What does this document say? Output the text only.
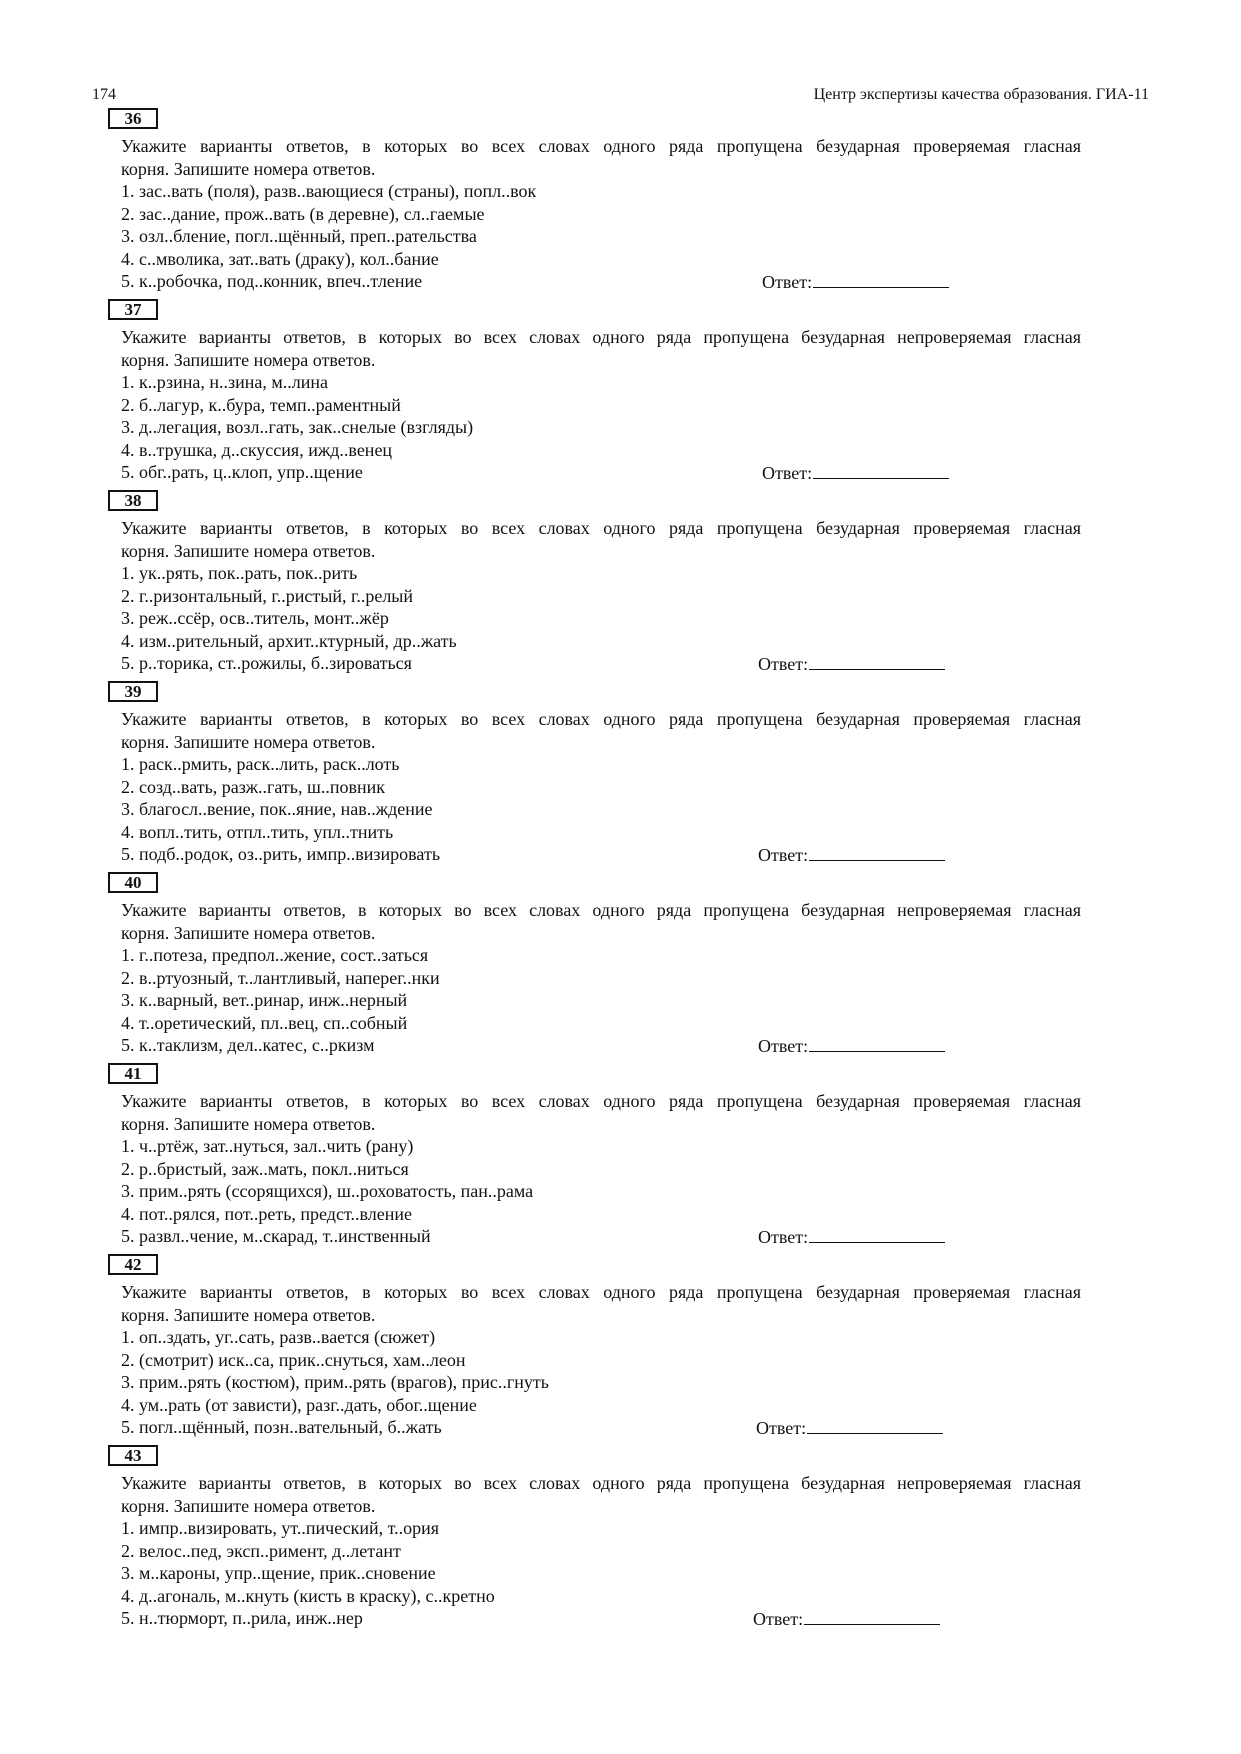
174	Центр экспертизы качества образования. ГИА-11
36
Укажите варианты ответов, в которых во всех словах одного ряда пропущена безударная проверяемая гласная
корня. Запишите номера ответов.
1. зас..вать (поля), разв..вающиеся (страны), попл..вок
2. зас..дание, прож..вать (в деревне), сл..гаемые
3. озл..бление, погл..щённый, преп..рательства
4. с..мволика, зат..вать (драку), кол..бание
5. к..робочка, под..конник, впеч..тление	Ответ:
37
Укажите варианты ответов, в которых во всех словах одного ряда пропущена безударная непроверяемая гласная
корня. Запишите номера ответов.
1. к..рзина, н..зина, м..лина
2. б..лагур, к..бура, темп..раментный
3. д..легация, возл..гать, зак..снелые (взгляды)
4. в..трушка, д..скуссия, ижд..венец
5. обг..рать, ц..клоп, упр..щение	Ответ:
38
Укажите варианты ответов, в которых во всех словах одного ряда пропущена безударная проверяемая гласная
корня. Запишите номера ответов.
1. ук..рять, пок..рать, пок..рить
2. г..ризонтальный, г..ристый, г..релый
3. реж..ссёр, осв..титель, монт..жёр
4. изм..рительный, архит..ктурный, др..жать
5. р..торика, ст..рожилы, б..зироваться	Ответ:
39
Укажите варианты ответов, в которых во всех словах одного ряда пропущена безударная проверяемая гласная
корня. Запишите номера ответов.
1. раск..рмить, раск..лить, раск..лоть
2. созд..вать, разж..гать, ш..повник
3. благосл..вение, пок..яние, нав..ждение
4. вопл..тить, отпл..тить, упл..тнить
5. подб..родок, оз..рить, импр..визировать	Ответ:
40
Укажите варианты ответов, в которых во всех словах одного ряда пропущена безударная непроверяемая гласная
корня. Запишите номера ответов.
1. г..потеза, предпол..жение, сост..заться
2. в..ртуозный, т..лантливый, наперег..нки
3. к..варный, вет..ринар, инж..нерный
4. т..оретический, пл..вец, сп..собный
5. к..таклизм, дел..катес, с..ркизм	Ответ:
41
Укажите варианты ответов, в которых во всех словах одного ряда пропущена безударная проверяемая гласная
корня. Запишите номера ответов.
1. ч..ртёж, зат..нуться, зал..чить (рану)
2. р..бристый, заж..мать, покл..ниться
3. прим..рять (ссорящихся), ш..роховатость, пан..рама
4. пот..рялся, пот..реть, предст..вление
5. развл..чение, м..скарад, т..инственный	Ответ:
42
Укажите варианты ответов, в которых во всех словах одного ряда пропущена безударная проверяемая гласная
корня. Запишите номера ответов.
1. оп..здать, уг..сать, разв..вается (сюжет)
2. (смотрит) иск..са, прик..снуться, хам..леон
3. прим..рять (костюм), прим..рять (врагов), прис..гнуть
4. ум..рать (от зависти), разг..дать, обог..щение
5. погл..щённый, позн..вательный, б..жать	Ответ:
43
Укажите варианты ответов, в которых во всех словах одного ряда пропущена безударная непроверяемая гласная
корня. Запишите номера ответов.
1. импр..визировать, ут..пический, т..ория
2. велос..пед, эксп..римент, д..летант
3. м..кароны, упр..щение, прик..сновение
4. д..агональ, м..кнуть (кисть в краску), с..кретно
5. н..тюрморт, п..рила, инж..нер	Ответ:
